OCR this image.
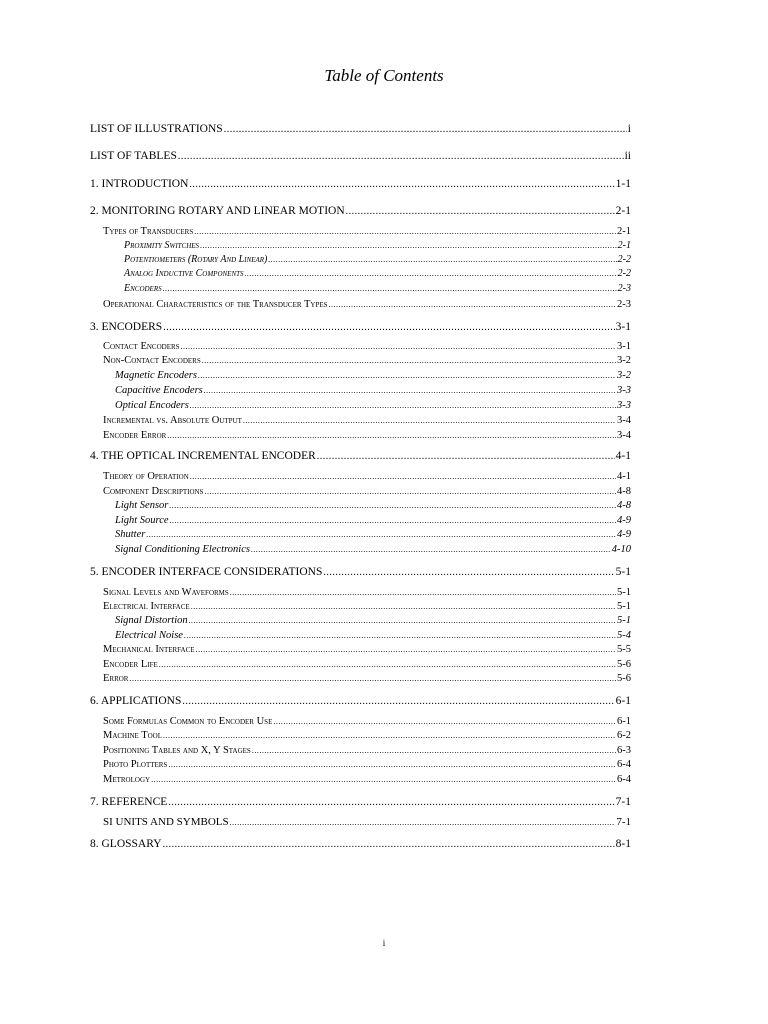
Table of Contents
LIST OF ILLUSTRATIONS .....	i
LIST OF TABLES .....	ii
1. INTRODUCTION .....	1-1
2. MONITORING ROTARY AND LINEAR MOTION .....	2-1
Types of Transducers .....	2-1
Proximity Switches .....	2-1
Potentiometers (Rotary And Linear) .....	2-2
Analog Inductive Components .....	2-2
Encoders .....	2-3
Operational Characteristics of the Transducer Types .....	2-3
3. ENCODERS .....	3-1
Contact Encoders .....	3-1
Non-Contact Encoders .....	3-2
Magnetic Encoders .....	3-2
Capacitive Encoders .....	3-3
Optical Encoders .....	3-3
Incremental vs. Absolute Output .....	3-4
Encoder Error .....	3-4
4. THE OPTICAL INCREMENTAL ENCODER .....	4-1
Theory of Operation .....	4-1
Component Descriptions .....	4-8
Light Sensor .....	4-8
Light Source .....	4-9
Shutter .....	4-9
Signal Conditioning Electronics .....	4-10
5. ENCODER INTERFACE CONSIDERATIONS .....	5-1
Signal Levels and Waveforms .....	5-1
Electrical Interface .....	5-1
Signal Distortion .....	5-1
Electrical Noise .....	5-4
Mechanical Interface .....	5-5
Encoder Life .....	5-6
Error .....	5-6
6. APPLICATIONS .....	6-1
Some Formulas Common to Encoder Use .....	6-1
Machine Tool .....	6-2
Positioning Tables and X, Y Stages .....	6-3
Photo Plotters .....	6-4
Metrology .....	6-4
7. REFERENCE .....	7-1
SI UNITS AND SYMBOLS .....	7-1
8. GLOSSARY .....	8-1
i
